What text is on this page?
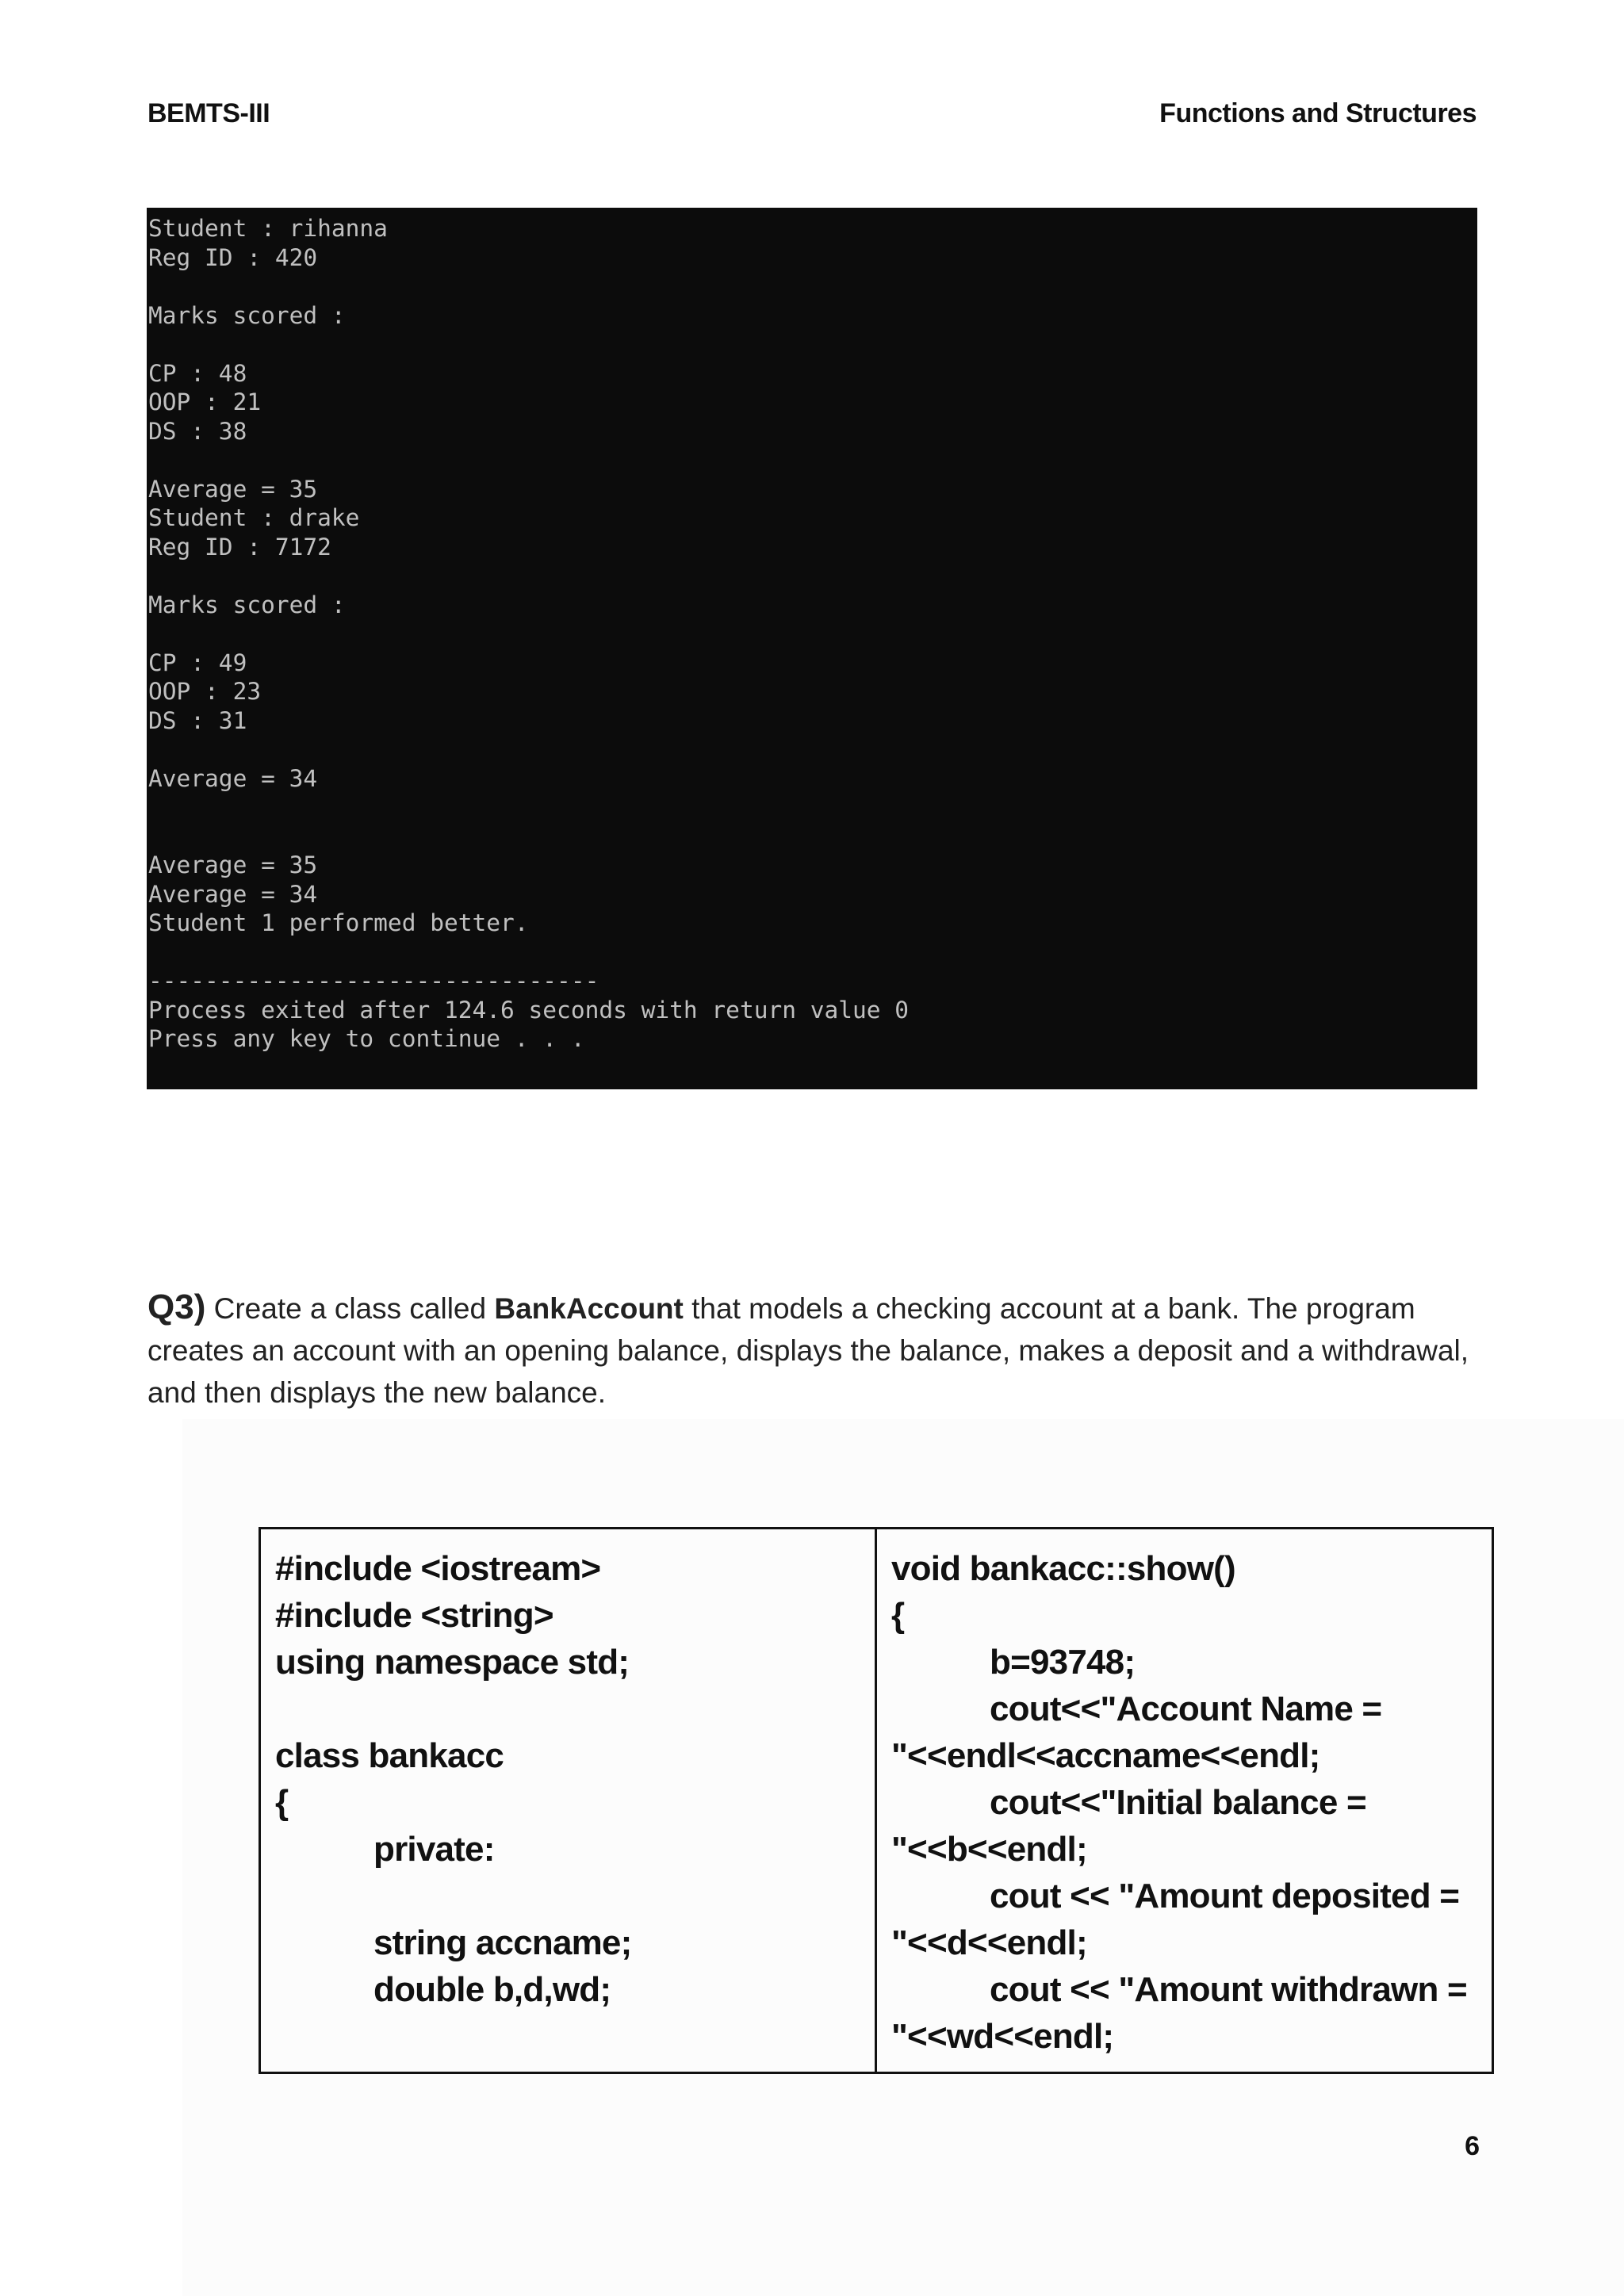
BEMTS-III	Functions and Structures
Student : rihanna
Reg ID : 420
Marks scored :
CP : 48
OOP : 21
DS : 38
Average = 35
Student : drake
Reg ID : 7172
Marks scored :
CP : 49
OOP : 23
DS : 31
Average = 34
Average = 35
Average = 34
Student 1 performed better.
--------------------------------
Process exited after 124.6 seconds with return value 0
Press any key to continue . . .
Q3) Create a class called BankAccount that models a checking account at a bank. The program creates an account with an opening balance, displays the balance, makes a deposit and a withdrawal, and then displays the new balance.
#include <iostream>
#include <string>
using namespace std;
class bankacc
{
private:
string accname;
double b,d,wd;
void bankacc::show()
{
b=93748;
cout<<"Account Name =
"<<endl<<accname<<endl;
cout<<"Initial balance =
"<<b<<endl;
cout << "Amount deposited =
"<<d<<endl;
cout << "Amount withdrawn =
"<<wd<<endl;
6
